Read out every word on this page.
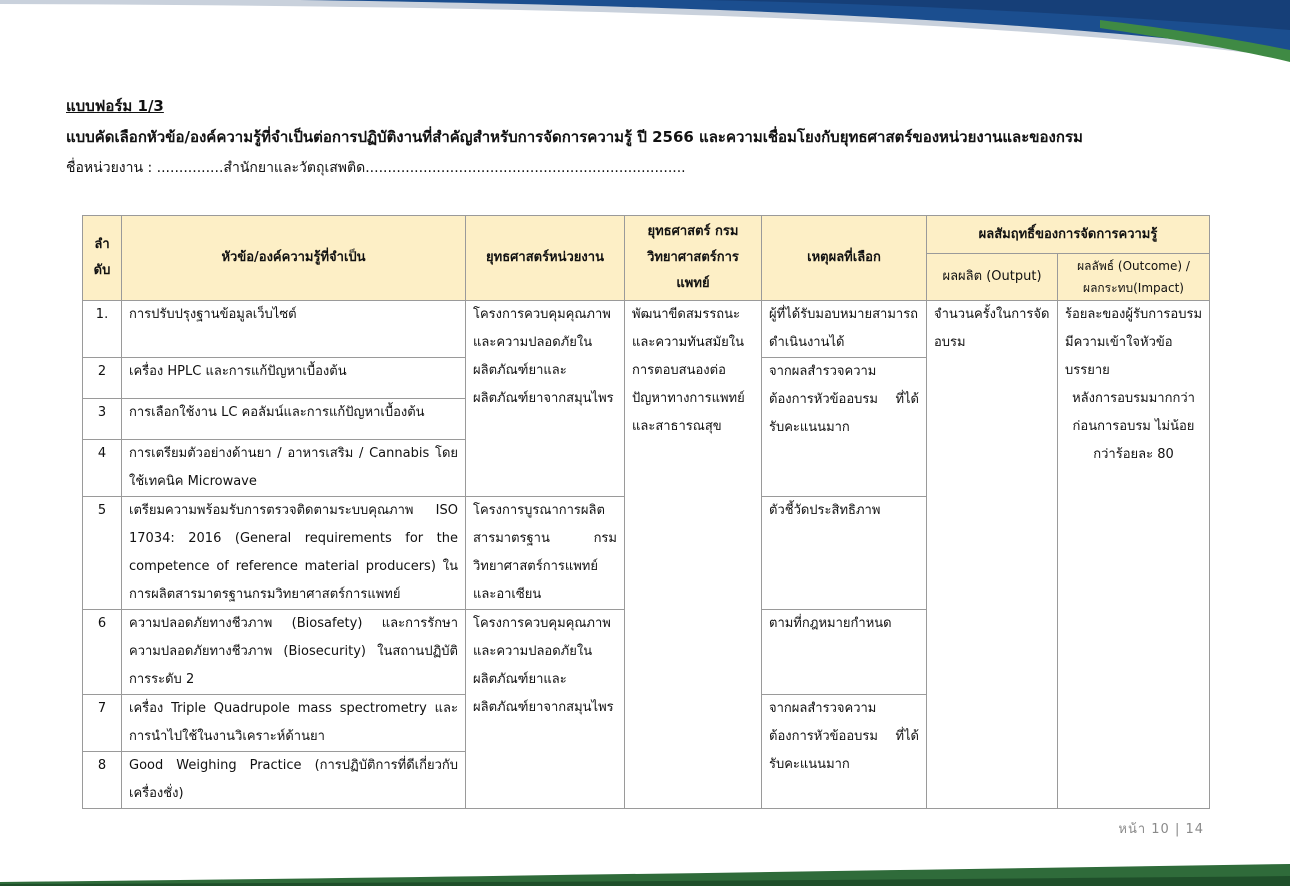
แบบฟอร์ม 1/3
แบบคัดเลือกหัวข้อ/องค์ความรู้ที่จำเป็นต่อการปฏิบัติงานที่สำคัญสำหรับการจัดการความรู้ ปี 2566 และความเชื่อมโยงกับยุทธศาสตร์ของหน่วยงานและของกรม
ชื่อหน่วยงาน : ...............สำนักยาและวัตถุเสพติด........................................................................
ลำ ดับ	หัวข้อ/องค์ความรู้ที่จำเป็น	ยุทธศาสตร์หน่วยงาน	ยุทธศาสตร์ กรมวิทยาศาสตร์การแพทย์	เหตุผลที่เลือก	ผลสัมฤทธิ์ของการจัดการความรู้	
					ผลผลิต (Output)	ผลลัพธ์ (Outcome) / ผลกระทบ(Impact)
1.	การปรับปรุงฐานข้อมูลเว็บไซต์	โครงการควบคุมคุณภาพและความปลอดภัยในผลิตภัณฑ์ยาและผลิตภัณฑ์ยาจากสมุนไพร	พัฒนาขีดสมรรถนะและความทันสมัยในการตอบสนองต่อปัญหาทางการแพทย์และสาธารณสุข	ผู้ที่ได้รับมอบหมายสามารถดำเนินงานได้	จำนวนครั้งในการจัดอบรม	ร้อยละของผู้รับการอบรมมีความเข้าใจหัวข้อบรรยาย
หลังการอบรมมากกว่าก่อนการอบรม ไม่น้อยกว่าร้อยละ 80

2	เครื่อง HPLC และการแก้ปัญหาเบื้องต้น			จากผลสำรวจความต้องการหัวข้ออบรม ที่ได้รับคะแนนมาก		
3	การเลือกใช้งาน LC คอลัมน์และการแก้ปัญหาเบื้องต้น					
4	การเตรียมตัวอย่างด้านยา / อาหารเสริม / Cannabis โดยใช้เทคนิค Microwave					
5	เตรียมความพร้อมรับการตรวจติดตามระบบคุณภาพ ISO 17034: 2016 (General requirements for the competence of reference material producers) ในการผลิตสารมาตรฐานกรมวิทยาศาสตร์การแพทย์	โครงการบูรณาการผลิตสารมาตรฐาน กรมวิทยาศาสตร์การแพทย์และอาเซียน		ตัวชี้วัดประสิทธิภาพ		
6	ความปลอดภัยทางชีวภาพ (Biosafety) และการรักษาความปลอดภัยทางชีวภาพ (Biosecurity) ในสถานปฏิบัติการระดับ 2	โครงการควบคุมคุณภาพและความปลอดภัยในผลิตภัณฑ์ยาและผลิตภัณฑ์ยาจากสมุนไพร		ตามที่กฎหมายกำหนด		
7	เครื่อง Triple Quadrupole mass spectrometry และการนำไปใช้ในงานวิเคราะห์ด้านยา			จากผลสำรวจความต้องการหัวข้ออบรม ที่ได้รับคะแนนมาก		
8	Good Weighing Practice (การปฏิบัติการที่ดีเกี่ยวกับเครื่องชั่ง)					
หน้า 10 | 14
